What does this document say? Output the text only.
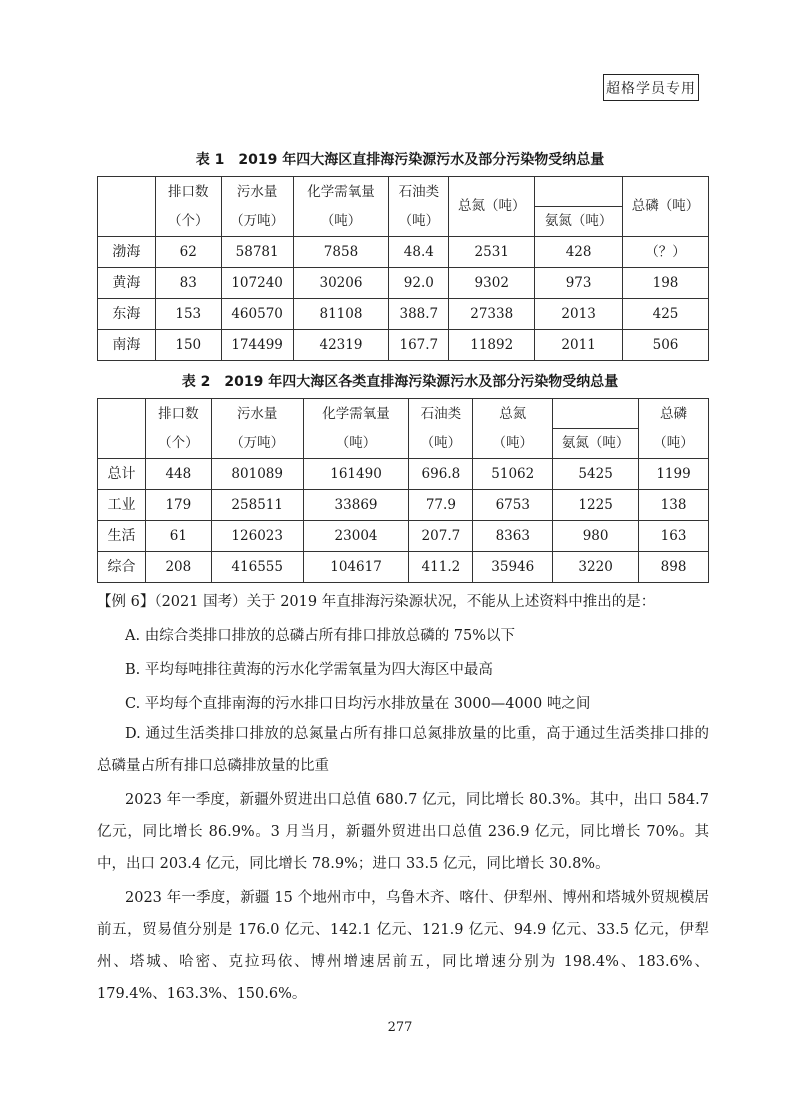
超格学员专用
表 1　2019 年四大海区直排海污染源污水及部分污染物受纳总量
	排口数	污水量	化学需氧量	石油类	总氮（吨）		总磷（吨）
	（个）	（万吨）	（吨）	（吨）		氨氮（吨）	
渤海	62	58781	7858	48.4	2531	428	（？）
黄海	83	107240	30206	92.0	9302	973	198
东海	153	460570	81108	388.7	27338	2013	425
南海	150	174499	42319	167.7	11892	2011	506
表 2　2019 年四大海区各类直排海污染源污水及部分污染物受纳总量
	排口数	污水量	化学需氧量	石油类	总氮		总磷
	（个）	（万吨）	（吨）	（吨）	（吨）	氨氮（吨）	（吨）
总计	448	801089	161490	696.8	51062	5425	1199
工业	179	258511	33869	77.9	6753	1225	138
生活	61	126023	23004	207.7	8363	980	163
综合	208	416555	104617	411.2	35946	3220	898

【例 6】（2021 国考）关于 2019 年直排海污染源状况，不能从上述资料中推出的是：

A. 由综合类排口排放的总磷占所有排口排放总磷的 75%以下

B. 平均每吨排往黄海的污水化学需氧量为四大海区中最高

C. 平均每个直排南海的污水排口日均污水排放量在 3000—4000 吨之间

D. 通过生活类排口排放的总氮量占所有排口总氮排放量的比重，高于通过生活类排口排的总磷量占所有排口总磷排放量的比重

2023 年一季度，新疆外贸进出口总值 680.7 亿元，同比增长 80.3%。其中，出口 584.7 亿元，同比增长 86.9%。3 月当月，新疆外贸进出口总值 236.9 亿元，同比增长 70%。其中，出口 203.4 亿元，同比增长 78.9%；进口 33.5 亿元，同比增长 30.8%。

2023 年一季度，新疆 15 个地州市中，乌鲁木齐、喀什、伊犁州、博州和塔城外贸规模居前五，贸易值分别是 176.0 亿元、142.1 亿元、121.9 亿元、94.9 亿元、33.5 亿元，伊犁州、塔城、哈密、克拉玛依、博州增速居前五，同比增速分别为 198.4%、183.6%、179.4%、163.3%、150.6%。

277
